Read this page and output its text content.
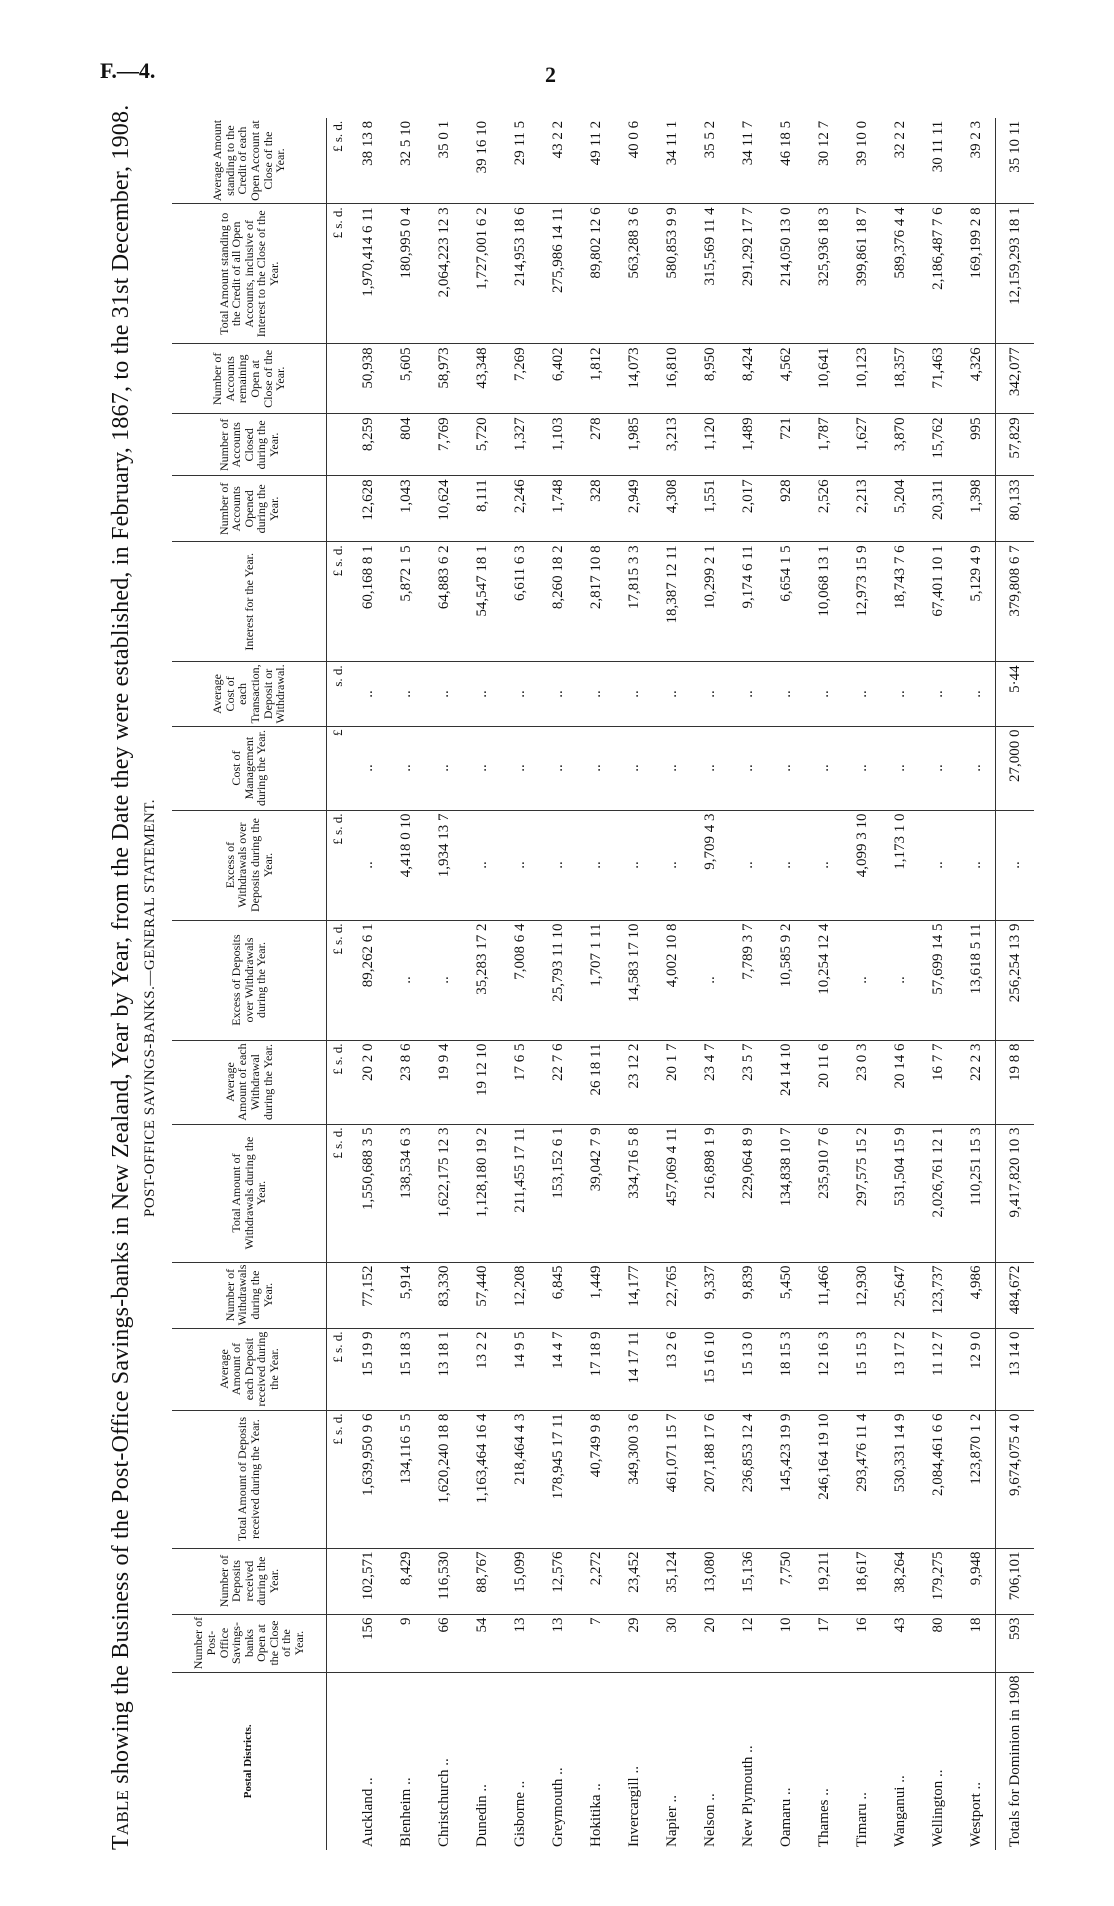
F.—4.	2
Table showing the Business of the Post-Office Savings-banks in New Zealand, Year by Year, from the Date they were established, in February, 1867, to the 31st December, 1908. POST-OFFICE SAVINGS-BANKS.—GENERAL STATEMENT.
Postal Districts.	Number of Post-Office Savings-banks Open at the Close of the Year.	Number of Deposits received during the Year.	Total Amount of Deposits received during the Year.	Average Amount of each Deposit received during the Year.	Number of Withdrawals during the Year.	Total Amount of Withdrawals during the Year.	Average Amount of each Withdrawal during the Year.	Excess of Deposits over Withdrawals during the Year.	Excess of Withdrawals over Deposits during the Year.	Cost of Management during the Year.	Average Cost of each Transaction, Deposit or Withdrawal.	Interest for the Year.	Number of Accounts Opened during the Year.	Number of Accounts Closed during the Year.	Number of Accounts remaining Open at Close of the Year.	Total Amount standing to the Credit of all Open Accounts, inclusive of Interest to the Close of the Year.	Average Amount standing to the Credit of each Open Account at Close of the Year.
			£ s. d.	£ s. d.		£ s. d.	£ s. d.	£ s. d.	£ s. d.	£	s. d.	£ s. d.				£ s. d.	£ s. d.
Auckland ..	156	102,571	1,639,950 9 6	15 19 9	77,152	1,550,688 3 5	20 2 0	89,262 6 1	..	..	..	60,168 8 1	12,628	8,259	50,938	1,970,414 6 11	38 13 8
Blenheim ..	9	8,429	134,116 5 5	15 18 3	5,914	138,534 6 3	23 8 6	..	4,418 0 10	..	..	5,872 1 5	1,043	804	5,605	180,995 0 4	32 5 10
Christchurch ..	66	116,530	1,620,240 18 8	13 18 1	83,330	1,622,175 12 3	19 9 4	..	1,934 13 7	..	..	64,883 6 2	10,624	7,769	58,973	2,064,223 12 3	35 0 1
Dunedin ..	54	88,767	1,163,464 16 4	13 2 2	57,440	1,128,180 19 2	19 12 10	35,283 17 2	..	..	..	54,547 18 1	8,111	5,720	43,348	1,727,001 6 2	39 16 10
Gisborne ..	13	15,099	218,464 4 3	14 9 5	12,208	211,455 17 11	17 6 5	7,008 6 4	..	..	..	6,611 6 3	2,246	1,327	7,269	214,953 18 6	29 11 5
Greymouth ..	13	12,576	178,945 17 11	14 4 7	6,845	153,152 6 1	22 7 6	25,793 11 10	..	..	..	8,260 18 2	1,748	1,103	6,402	275,986 14 11	43 2 2
Hokitika ..	7	2,272	40,749 9 8	17 18 9	1,449	39,042 7 9	26 18 11	1,707 1 11	..	..	..	2,817 10 8	328	278	1,812	89,802 12 6	49 11 2
Invercargill ..	29	23,452	349,300 3 6	14 17 11	14,177	334,716 5 8	23 12 2	14,583 17 10	..	..	..	17,815 3 3	2,949	1,985	14,073	563,288 3 6	40 0 6
Napier ..	30	35,124	461,071 15 7	13 2 6	22,765	457,069 4 11	20 1 7	4,002 10 8	..	..	..	18,387 12 11	4,308	3,213	16,810	580,853 9 9	34 11 1
Nelson ..	20	13,080	207,188 17 6	15 16 10	9,337	216,898 1 9	23 4 7	..	9,709 4 3	..	..	10,299 2 1	1,551	1,120	8,950	315,569 11 4	35 5 2
New Plymouth ..	12	15,136	236,853 12 4	15 13 0	9,839	229,064 8 9	23 5 7	7,789 3 7	..	..	..	9,174 6 11	2,017	1,489	8,424	291,292 17 7	34 11 7
Oamaru ..	10	7,750	145,423 19 9	18 15 3	5,450	134,838 10 7	24 14 10	10,585 9 2	..	..	..	6,654 1 5	928	721	4,562	214,050 13 0	46 18 5
Thames ..	17	19,211	246,164 19 10	12 16 3	11,466	235,910 7 6	20 11 6	10,254 12 4	..	..	..	10,068 13 1	2,526	1,787	10,641	325,936 18 3	30 12 7
Timaru ..	16	18,617	293,476 11 4	15 15 3	12,930	297,575 15 2	23 0 3	..	4,099 3 10	..	..	12,973 15 9	2,213	1,627	10,123	399,861 18 7	39 10 0
Wanganui ..	43	38,264	530,331 14 9	13 17 2	25,647	531,504 15 9	20 14 6	..	1,173 1 0	..	..	18,743 7 6	5,204	3,870	18,357	589,376 4 4	32 2 2
Wellington ..	80	179,275	2,084,461 6 6	11 12 7	123,737	2,026,761 12 1	16 7 7	57,699 14 5	..	..	..	67,401 10 1	20,311	15,762	71,463	2,186,487 7 6	30 11 11
Westport ..	18	9,948	123,870 1 2	12 9 0	4,986	110,251 15 3	22 2 3	13,618 5 11	..	..	..	5,129 4 9	1,398	995	4,326	169,199 2 8	39 2 3
Totals for Dominion in 1908	593	706,101	9,674,075 4 0	13 14 0	484,672	9,417,820 10 3	19 8 8	256,254 13 9	..	27,000 0	5·44	379,808 6 7	80,133	57,829	342,077	12,159,293 18 1	35 10 11
